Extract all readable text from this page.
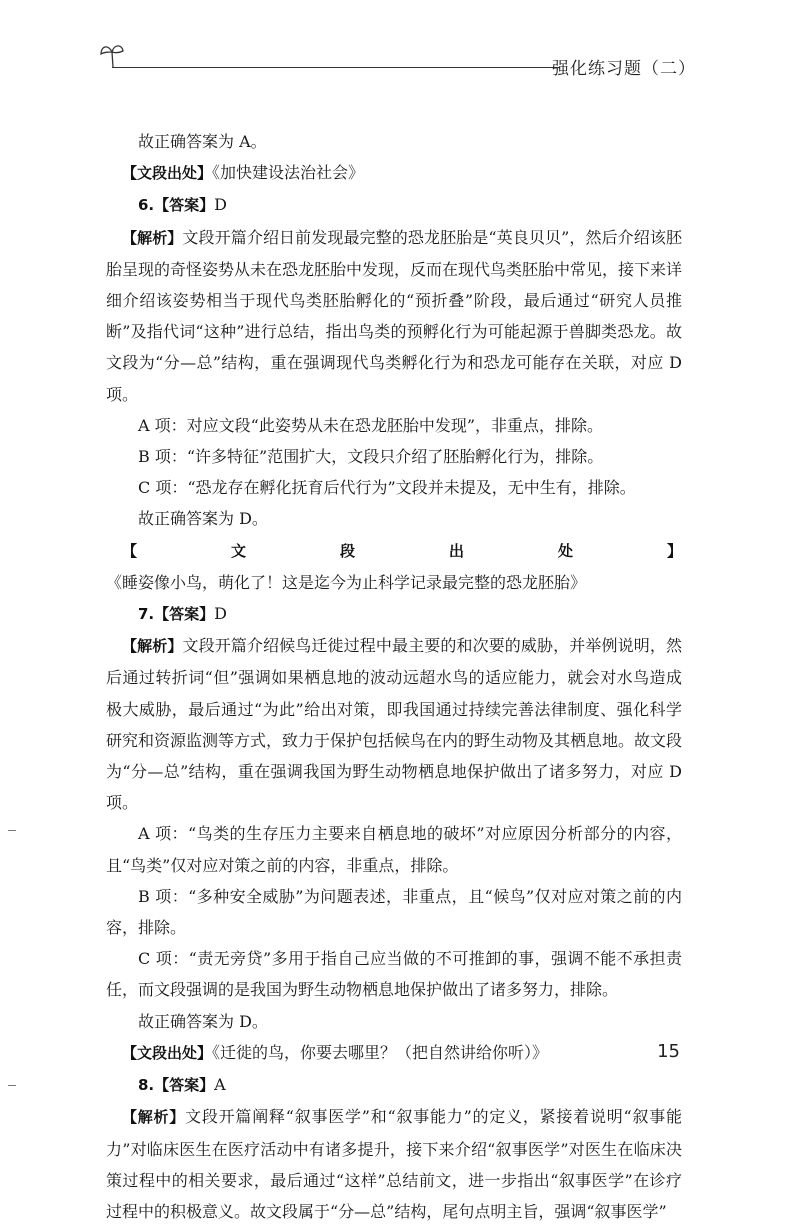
强化练习题（二）

故正确答案为 A。

【文段出处】《加快建设法治社会》

6.【答案】D

【解析】文段开篇介绍日前发现最完整的恐龙胚胎是“英良贝贝”，然后介绍该胚胎呈现的奇怪姿势从未在恐龙胚胎中发现，反而在现代鸟类胚胎中常见，接下来详细介绍该姿势相当于现代鸟类胚胎孵化的“预折叠”阶段，最后通过“研究人员推断”及指代词“这种”进行总结，指出鸟类的预孵化行为可能起源于兽脚类恐龙。故文段为“分—总”结构，重在强调现代鸟类孵化行为和恐龙可能存在关联，对应 D 项。

A 项：对应文段“此姿势从未在恐龙胚胎中发现”，非重点，排除。

B 项：“许多特征”范围扩大，文段只介绍了胚胎孵化行为，排除。

C 项：“恐龙存在孵化抚育后代行为”文段并未提及，无中生有，排除。

故正确答案为 D。

【文段出处】《睡姿像小鸟，萌化了！这是迄今为止科学记录最完整的恐龙胚胎》

7.【答案】D

【解析】文段开篇介绍候鸟迁徙过程中最主要的和次要的威胁，并举例说明，然后通过转折词“但”强调如果栖息地的波动远超水鸟的适应能力，就会对水鸟造成极大威胁，最后通过“为此”给出对策，即我国通过持续完善法律制度、强化科学研究和资源监测等方式，致力于保护包括候鸟在内的野生动物及其栖息地。故文段为“分—总”结构，重在强调我国为野生动物栖息地保护做出了诸多努力，对应 D 项。

A 项：“鸟类的生存压力主要来自栖息地的破坏”对应原因分析部分的内容，且“鸟类”仅对应对策之前的内容，非重点，排除。

B 项：“多种安全威胁”为问题表述，非重点，且“候鸟”仅对应对策之前的内容，排除。

C 项：“责无旁贷”多用于指自己应当做的不可推卸的事，强调不能不承担责任，而文段强调的是我国为野生动物栖息地保护做出了诸多努力，排除。

故正确答案为 D。

【文段出处】《迁徙的鸟，你要去哪里？（把自然讲给你听）》

8.【答案】A

【解析】文段开篇阐释“叙事医学”和“叙事能力”的定义，紧接着说明“叙事能力”对临床医生在医疗活动中有诸多提升，接下来介绍“叙事医学”对医生在临床决策过程中的相关要求，最后通过“这样”总结前文，进一步指出“叙事医学”在诊疗过程中的积极意义。故文段属于“分—总”结构，尾句点明主旨，强调“叙事医学”

15
